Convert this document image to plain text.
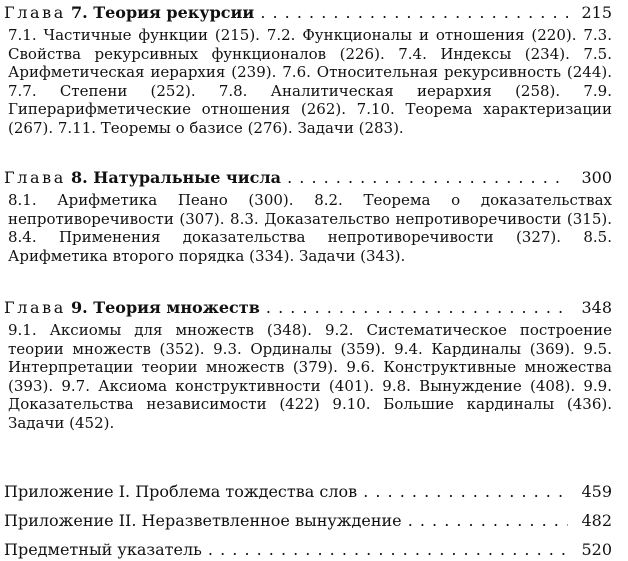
Глава 7. Теория рекурсии . . .	215

7.1. Частичные функции (215). 7.2. Функционалы и отношения (220). 7.3. Свойства рекурсивных функционалов (226). 7.4. Индексы (234). 7.5. Арифметическая иерархия (239). 7.6. Относительная рекурсивность (244). 7.7. Степени (252). 7.8. Аналитическая иерархия (258). 7.9. Гиперарифметические отношения (262). 7.10. Теорема характеризации (267). 7.11. Теоремы о базисе (276). Задачи (283).

Глава 8. Натуральные числа . . .	300

8.1. Арифметика Пеано (300). 8.2. Теорема о доказательствах непротиворечивости (307). 8.3. Доказательство непротиворечивости (315). 8.4. Применения доказательства непротиворечивости (327). 8.5. Арифметика второго порядка (334). Задачи (343).

Глава 9. Теория множеств . . .	348

9.1. Аксиомы для множеств (348). 9.2. Систематическое построение теории множеств (352). 9.3. Ординалы (359). 9.4. Кардиналы (369). 9.5. Интерпретации теории множеств (379). 9.6. Конструктивные множества (393). 9.7. Аксиома конструктивности (401). 9.8. Вынуждение (408). 9.9. Доказательства независимости (422) 9.10. Большие кардиналы (436). Задачи (452).

Приложение I. Проблема тождества слов . . .	459
Приложение II. Неразветвленное вынуждение . . .	482
Предметный указатель . . .	520
